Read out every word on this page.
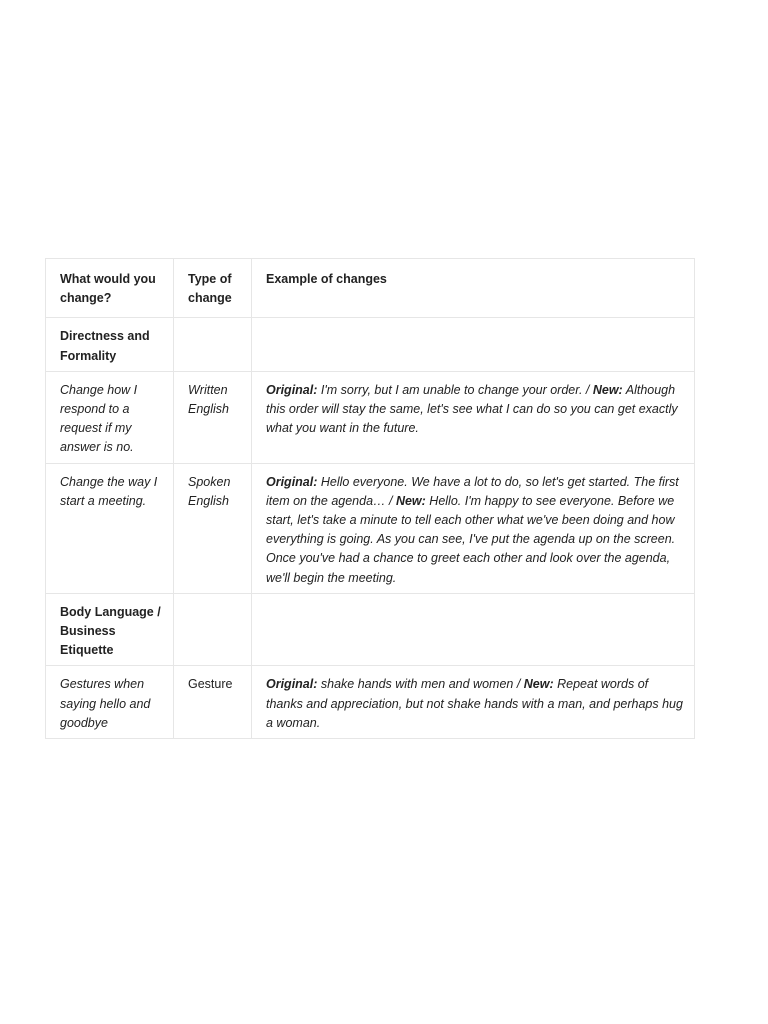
What would you change?	Type of change	Example of changes
Directness and Formality		
Change how I respond to a request if my answer is no.	Written English	Original: I'm sorry, but I am unable to change your order. / New: Although this order will stay the same, let's see what I can do so you can get exactly what you want in the future.
Change the way I start a meeting.	Spoken English	Original: Hello everyone. We have a lot to do, so let's get started. The first item on the agenda… / New: Hello. I'm happy to see everyone. Before we start, let's take a minute to tell each other what we've been doing and how everything is going. As you can see, I've put the agenda up on the screen. Once you've had a chance to greet each other and look over the agenda, we'll begin the meeting.
Body Language / Business Etiquette		
Gestures when saying hello and goodbye	Gesture	Original: shake hands with men and women / New: Repeat words of thanks and appreciation, but not shake hands with a man, and perhaps hug a woman.
